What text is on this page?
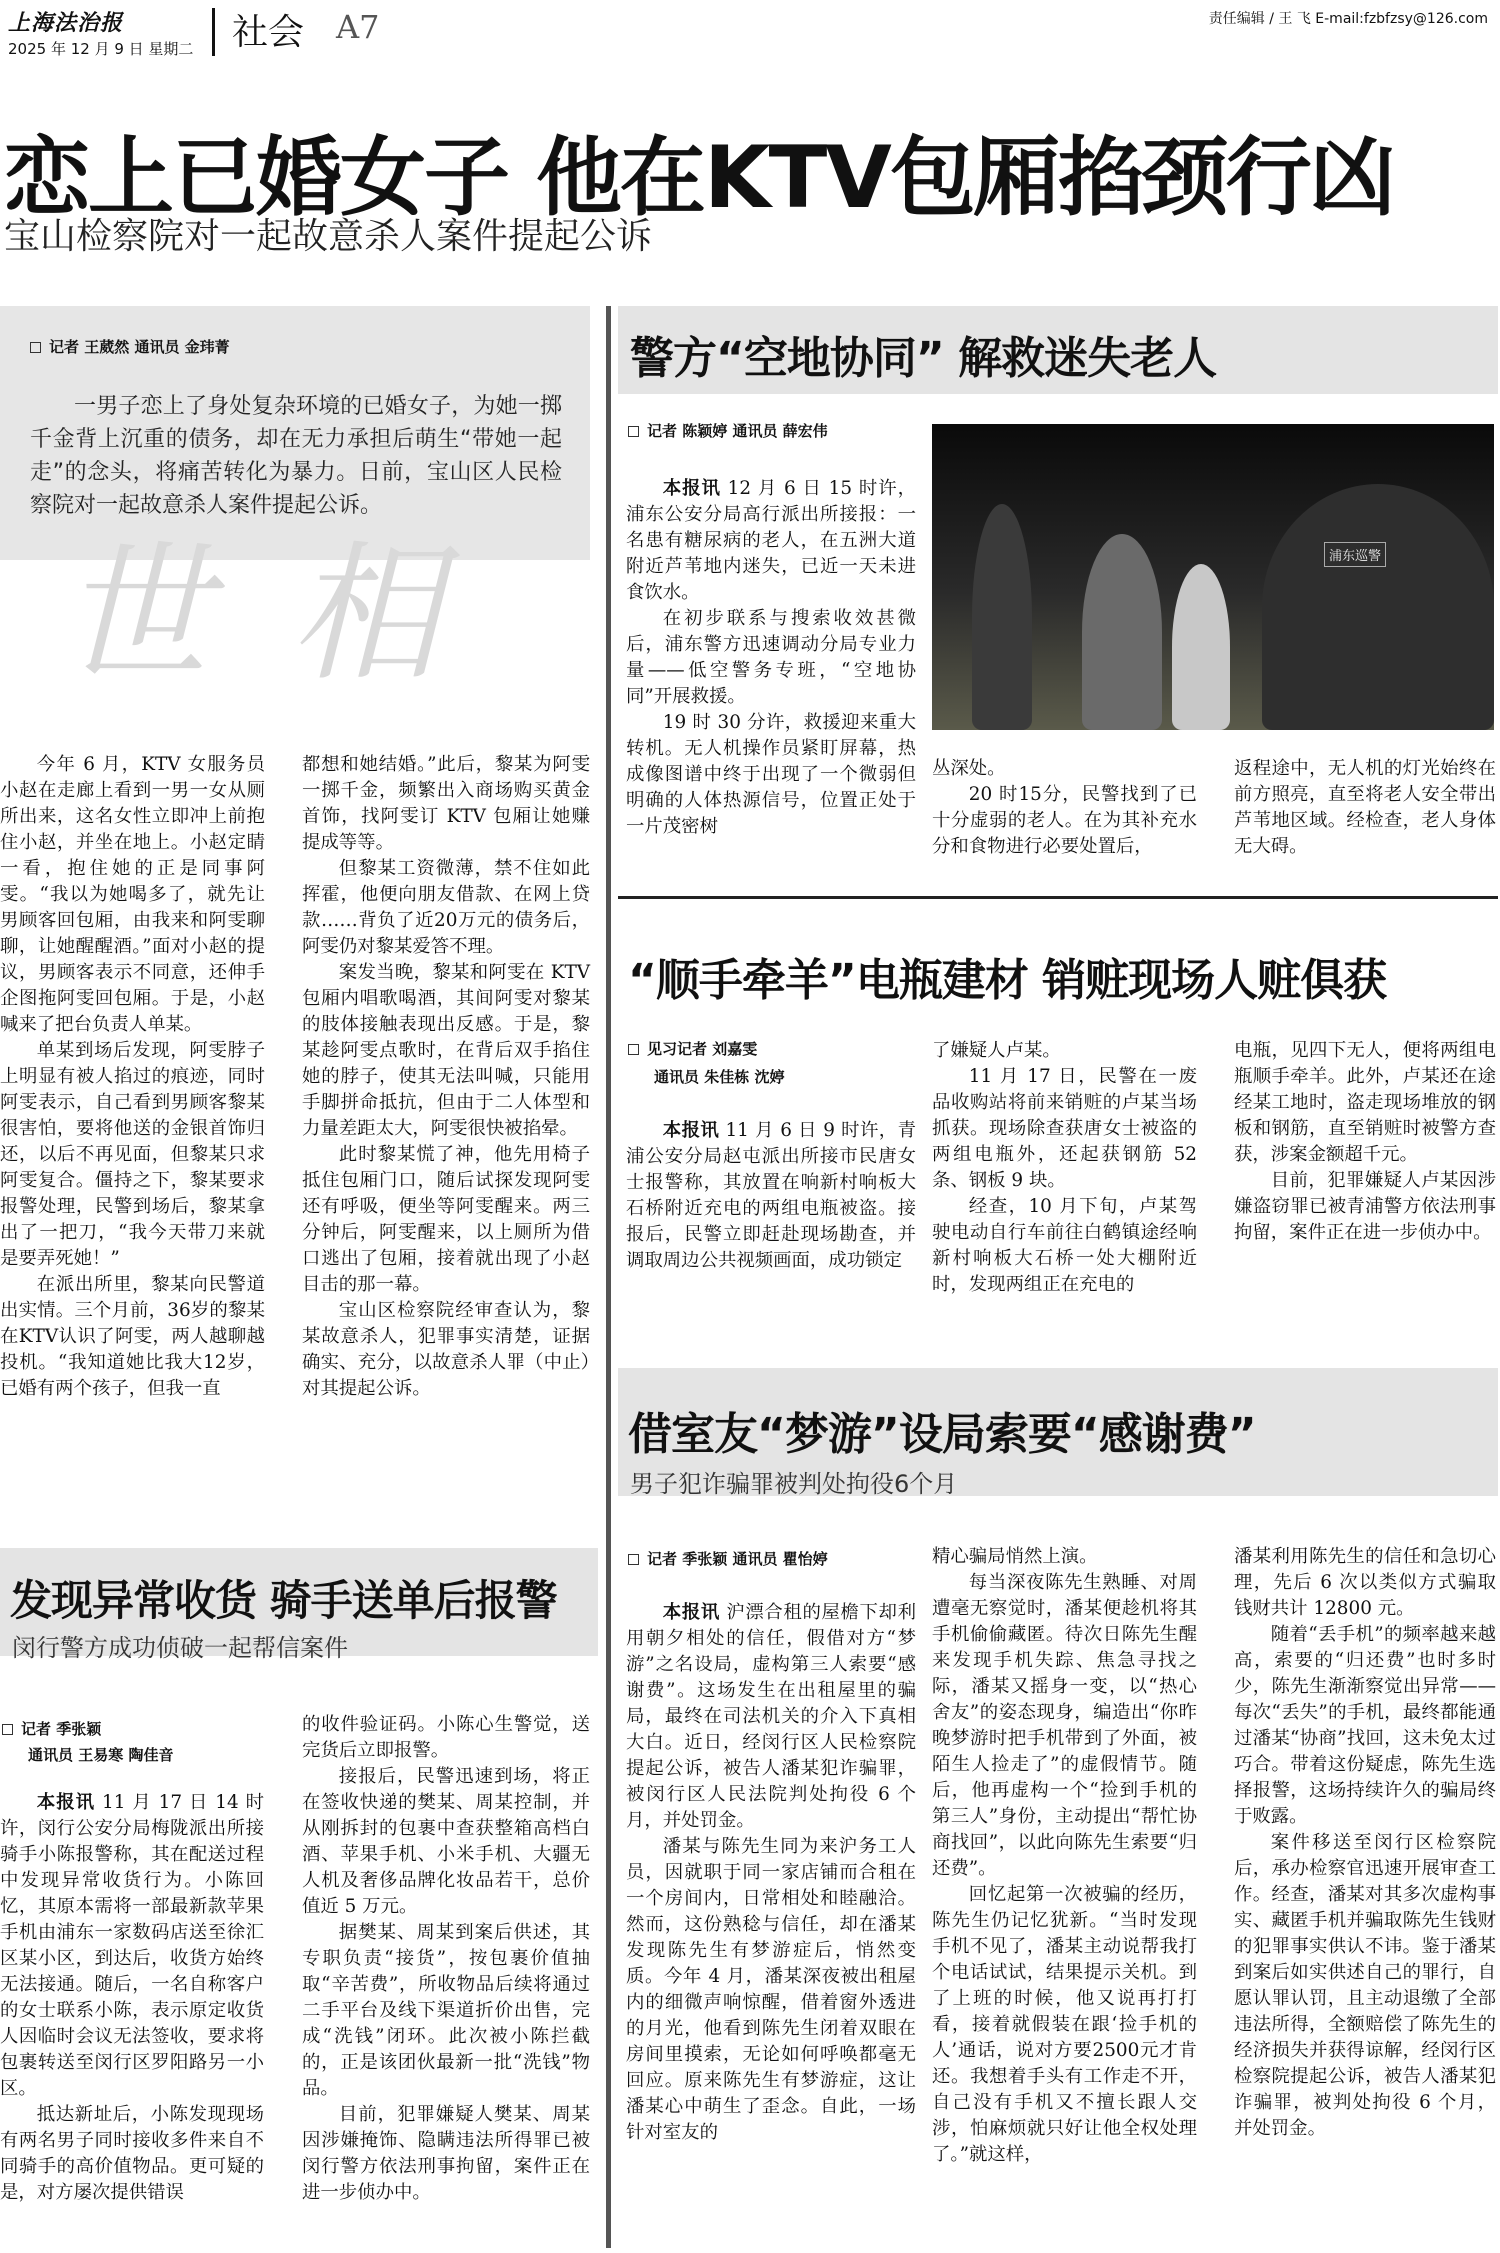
上海法治报
2025 年 12 月 9 日 星期二 社会 A7	责任编辑 / 王 飞 E-mail:fzbfzsy@126.com
恋上已婚女子 他在KTV包厢掐颈行凶
宝山检察院对一起故意杀人案件提起公诉
记者 王葳然 通讯员 金玮菁
一男子恋上了身处复杂环境的已婚女子，为她一掷千金背上沉重的债务，却在无力承担后萌生“带她一起走”的念头，将痛苦转化为暴力。日前，宝山区人民检察院对一起故意杀人案件提起公诉。
世相

今年 6 月，KTV 女服务员小赵在走廊上看到一男一女从厕所出来，这名女性立即冲上前抱住小赵，并坐在地上。小赵定睛一看，抱住她的正是同事阿雯。“我以为她喝多了，就先让男顾客回包厢，由我来和阿雯聊聊，让她醒醒酒。”面对小赵的提议，男顾客表示不同意，还伸手企图拖阿雯回包厢。于是，小赵喊来了把台负责人单某。

单某到场后发现，阿雯脖子上明显有被人掐过的痕迹，同时阿雯表示，自己看到男顾客黎某很害怕，要将他送的金银首饰归还，以后不再见面，但黎某只求阿雯复合。僵持之下，黎某要求报警处理，民警到场后，黎某拿出了一把刀，“我今天带刀来就是要弄死她！”

在派出所里，黎某向民警道出实情。三个月前，36岁的黎某在KTV认识了阿雯，两人越聊越投机。“我知道她比我大12岁，已婚有两个孩子，但我一直

都想和她结婚。”此后，黎某为阿雯一掷千金，频繁出入商场购买黄金首饰，找阿雯订 KTV 包厢让她赚提成等等。

但黎某工资微薄，禁不住如此挥霍，他便向朋友借款、在网上贷款……背负了近20万元的债务后，阿雯仍对黎某爱答不理。

案发当晚，黎某和阿雯在 KTV 包厢内唱歌喝酒，其间阿雯对黎某的肢体接触表现出反感。于是，黎某趁阿雯点歌时，在背后双手掐住她的脖子，使其无法叫喊，只能用手脚拼命抵抗，但由于二人体型和力量差距太大，阿雯很快被掐晕。

此时黎某慌了神，他先用椅子抵住包厢门口，随后试探发现阿雯还有呼吸，便坐等阿雯醒来。两三分钟后，阿雯醒来，以上厕所为借口逃出了包厢，接着就出现了小赵目击的那一幕。

宝山区检察院经审查认为，黎某故意杀人，犯罪事实清楚，证据确实、充分，以故意杀人罪（中止）对其提起公诉。

发现异常收货 骑手送单后报警
闵行警方成功侦破一起帮信案件
记者 季张颖
通讯员 王易寒 陶佳音

本报讯 11 月 17 日 14 时许，闵行公安分局梅陇派出所接骑手小陈报警称，其在配送过程中发现异常收货行为。小陈回忆，其原本需将一部最新款苹果手机由浦东一家数码店送至徐汇区某小区，到达后，收货方始终无法接通。随后，一名自称客户的女士联系小陈，表示原定收货人因临时会议无法签收，要求将包裹转送至闵行区罗阳路另一小区。

抵达新址后，小陈发现现场有两名男子同时接收多件来自不同骑手的高价值物品。更可疑的是，对方屡次提供错误

的收件验证码。小陈心生警觉，送完货后立即报警。

接报后，民警迅速到场，将正在签收快递的樊某、周某控制，并从刚拆封的包裹中查获整箱高档白酒、苹果手机、小米手机、大疆无人机及奢侈品牌化妆品若干，总价值近 5 万元。

据樊某、周某到案后供述，其专职负责“接货”，按包裹价值抽取“辛苦费”，所收物品后续将通过二手平台及线下渠道折价出售，完成“洗钱”闭环。此次被小陈拦截的，正是该团伙最新一批“洗钱”物品。

目前，犯罪嫌疑人樊某、周某因涉嫌掩饰、隐瞒违法所得罪已被闵行警方依法刑事拘留，案件正在进一步侦办中。

警方“空地协同” 解救迷失老人
记者 陈颖婷 通讯员 薛宏伟
浦东巡警

本报讯 12 月 6 日 15 时许，浦东公安分局高行派出所接报：一名患有糖尿病的老人，在五洲大道附近芦苇地内迷失，已近一天未进食饮水。

在初步联系与搜索收效甚微后，浦东警方迅速调动分局专业力量——低空警务专班，“空地协同”开展救援。

19 时 30 分许，救援迎来重大转机。无人机操作员紧盯屏幕，热成像图谱中终于出现了一个微弱但明确的人体热源信号，位置正处于一片茂密树

丛深处。

20 时15分，民警找到了已十分虚弱的老人。在为其补充水分和食物进行必要处置后，

返程途中，无人机的灯光始终在前方照亮，直至将老人安全带出芦苇地区域。经检查，老人身体无大碍。

“顺手牵羊”电瓶建材 销赃现场人赃俱获
见习记者 刘嘉雯
通讯员 朱佳栋 沈婷

本报讯 11 月 6 日 9 时许，青浦公安分局赵屯派出所接市民唐女士报警称，其放置在响新村响板大石桥附近充电的两组电瓶被盗。接报后，民警立即赶赴现场勘查，并调取周边公共视频画面，成功锁定

了嫌疑人卢某。

11 月 17 日，民警在一废品收购站将前来销赃的卢某当场抓获。现场除查获唐女士被盗的两组电瓶外，还起获钢筋 52 条、钢板 9 块。

经查，10 月下旬，卢某驾驶电动自行车前往白鹤镇途经响新村响板大石桥一处大棚附近时，发现两组正在充电的

电瓶，见四下无人，便将两组电瓶顺手牵羊。此外，卢某还在途经某工地时，盗走现场堆放的钢板和钢筋，直至销赃时被警方查获，涉案金额超千元。

目前，犯罪嫌疑人卢某因涉嫌盗窃罪已被青浦警方依法刑事拘留，案件正在进一步侦办中。

借室友“梦游”设局索要“感谢费”
男子犯诈骗罪被判处拘役6个月
记者 季张颖 通讯员 瞿怡婷

本报讯 沪漂合租的屋檐下却利用朝夕相处的信任，假借对方“梦游”之名设局，虚构第三人索要“感谢费”。这场发生在出租屋里的骗局，最终在司法机关的介入下真相大白。近日，经闵行区人民检察院提起公诉，被告人潘某犯诈骗罪，被闵行区人民法院判处拘役 6 个月，并处罚金。

潘某与陈先生同为来沪务工人员，因就职于同一家店铺而合租在一个房间内，日常相处和睦融洽。然而，这份熟稔与信任，却在潘某发现陈先生有梦游症后，悄然变质。今年 4 月，潘某深夜被出租屋内的细微声响惊醒，借着窗外透进的月光，他看到陈先生闭着双眼在房间里摸索，无论如何呼唤都毫无回应。原来陈先生有梦游症，这让潘某心中萌生了歪念。自此，一场针对室友的

精心骗局悄然上演。

每当深夜陈先生熟睡、对周遭毫无察觉时，潘某便趁机将其手机偷偷藏匿。待次日陈先生醒来发现手机失踪、焦急寻找之际，潘某又摇身一变，以“热心舍友”的姿态现身，编造出“你昨晚梦游时把手机带到了外面，被陌生人捡走了”的虚假情节。随后，他再虚构一个“捡到手机的第三人”身份，主动提出“帮忙协商找回”，以此向陈先生索要“归还费”。

回忆起第一次被骗的经历，陈先生仍记忆犹新。“当时发现手机不见了，潘某主动说帮我打个电话试试，结果提示关机。到了上班的时候，他又说再打打看，接着就假装在跟‘捡手机的人’通话，说对方要2500元才肯还。我想着手头有工作走不开，自己没有手机又不擅长跟人交涉，怕麻烦就只好让他全权处理了。”就这样，

潘某利用陈先生的信任和急切心理，先后 6 次以类似方式骗取钱财共计 12800 元。

随着“丢手机”的频率越来越高，索要的“归还费”也时多时少，陈先生渐渐察觉出异常——每次“丢失”的手机，最终都能通过潘某“协商”找回，这未免太过巧合。带着这份疑虑，陈先生选择报警，这场持续许久的骗局终于败露。

案件移送至闵行区检察院后，承办检察官迅速开展审查工作。经查，潘某对其多次虚构事实、藏匿手机并骗取陈先生钱财的犯罪事实供认不讳。鉴于潘某到案后如实供述自己的罪行，自愿认罪认罚，且主动退缴了全部违法所得，全额赔偿了陈先生的经济损失并获得谅解，经闵行区检察院提起公诉，被告人潘某犯诈骗罪，被判处拘役 6 个月，并处罚金。
